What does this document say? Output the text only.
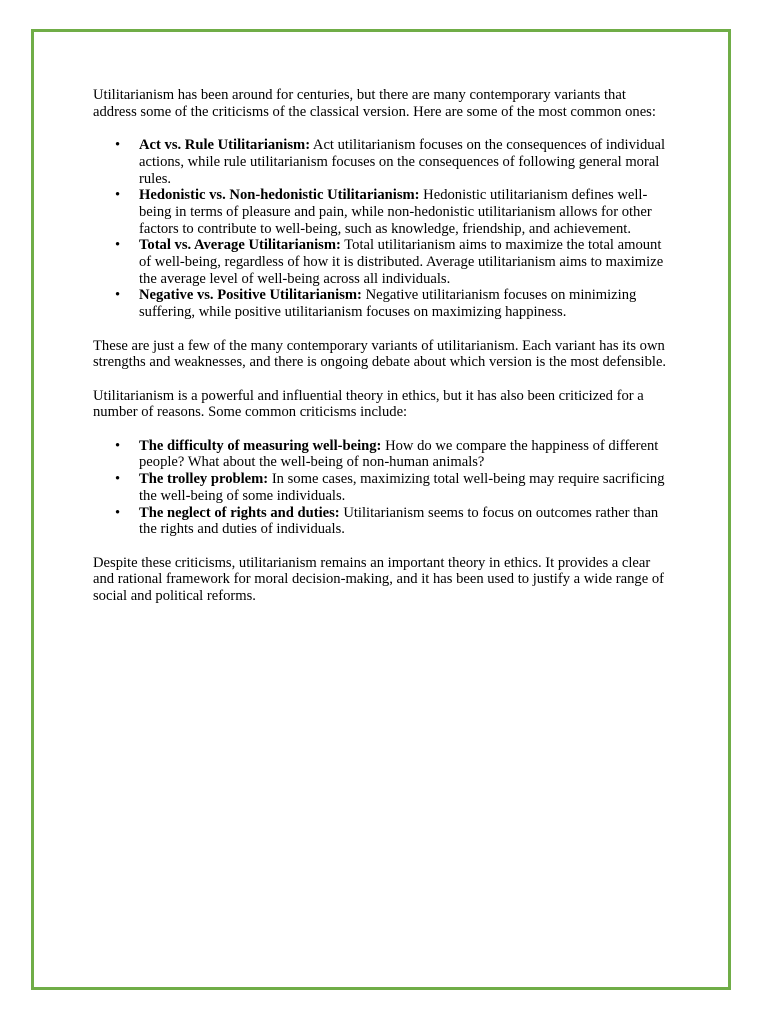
Utilitarianism has been around for centuries, but there are many contemporary variants that address some of the criticisms of the classical version. Here are some of the most common ones:

• Act vs. Rule Utilitarianism: Act utilitarianism focuses on the consequences of individual actions, while rule utilitarianism focuses on the consequences of following general moral rules.
• Hedonistic vs. Non-hedonistic Utilitarianism: Hedonistic utilitarianism defines well-being in terms of pleasure and pain, while non-hedonistic utilitarianism allows for other factors to contribute to well-being, such as knowledge, friendship, and achievement.
• Total vs. Average Utilitarianism: Total utilitarianism aims to maximize the total amount of well-being, regardless of how it is distributed. Average utilitarianism aims to maximize the average level of well-being across all individuals.
• Negative vs. Positive Utilitarianism: Negative utilitarianism focuses on minimizing suffering, while positive utilitarianism focuses on maximizing happiness.

These are just a few of the many contemporary variants of utilitarianism. Each variant has its own strengths and weaknesses, and there is ongoing debate about which version is the most defensible.

Utilitarianism is a powerful and influential theory in ethics, but it has also been criticized for a number of reasons. Some common criticisms include:

• The difficulty of measuring well-being: How do we compare the happiness of different people? What about the well-being of non-human animals?
• The trolley problem: In some cases, maximizing total well-being may require sacrificing the well-being of some individuals.
• The neglect of rights and duties: Utilitarianism seems to focus on outcomes rather than the rights and duties of individuals.

Despite these criticisms, utilitarianism remains an important theory in ethics. It provides a clear and rational framework for moral decision-making, and it has been used to justify a wide range of social and political reforms.
